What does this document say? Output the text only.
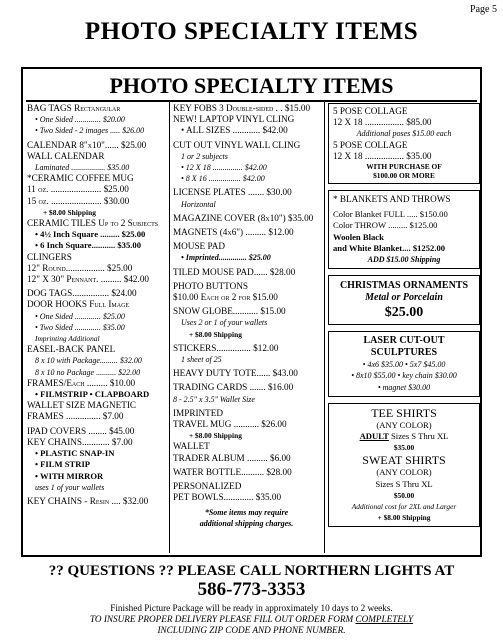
Page 5
PHOTO SPECIALTY ITEMS
PHOTO SPECIALTY ITEMS
BAG TAGS Rectangular
• One Sided ............. $20.00
• Two Sided - 2 images ..... $26.00
CALENDAR 8"x10"...... $25.00
WALL CALENDAR
Laminated ................. $35.00
*CERAMIC COFFEE MUG
11 oz. ...................... $25.00
15 oz. ...................... $30.00
+ $8.00 Shipping
CERAMIC TILES Up to 2 Subjects
• 4½ Inch Square ......... $25.00
• 6 Inch Square........... $35.00
CLINGERS
12" Round................. $25.00
12" X 30" Pennant. ......... $42.00
DOG TAGS................ $24.00
DOOR HOOKS Full Image
• One Sided ............. $25.00
• Two Sided ............. $35.00
Imprinting Additional
EASEL-BACK PANEL
8 x 10 with Package......... $32.00
8 x 10 no Package .......... $22.00
FRAMES/Each ......... $10.00
• FILMSTRIP • CLAPBOARD
WALLET SIZE MAGNETIC
FRAMES ............... $7.00
IPAD COVERS ........ $45.00
KEY CHAINS............ $7.00
• PLASTIC SNAP-IN
• FILM STRIP
• WITH MIRROR
uses 1 of your wallets
KEY CHAINS - Resin .... $32.00
KEY FOBS 3 Double-sided . . $15.00
NEW! LAPTOP VINYL CLING
• ALL SIZES ............ $42.00
CUT OUT VINYL WALL CLING
1 or 2 subjects
• 12 X 18 ............... $42.00
• 8 X 16 ................ $42.00
LICENSE PLATES ....... $30.00
Horizontal
MAGAZINE COVER (8x10") $35.00
MAGNETS (4x6") ......... $12.00
MOUSE PAD
• Imprinted.............. $25.00
TILED MOUSE PAD...... $28.00
PHOTO BUTTONS
$10.00 Each or 2 for $15.00
SNOW GLOBE........... $15.00
Uses 2 or 1 of your wallets
+ $8.00 Shipping
STICKERS............... $12.00
1 sheet of 25
HEAVY DUTY TOTE...... $43.00
TRADING CARDS ....... $16.00
8 - 2.5" x 3.5" Wallet Size
IMPRINTED
TRAVEL MUG ........... $26.00
+ $8.00 Shipping
WALLET
TRADER ALBUM ......... $6.00
WATER BOTTLE.......... $28.00
PERSONALIZED
PET BOWLS............. $35.00
*Some items may require
additional shipping charges.
5 POSE COLLAGE
12 X 18 ................. $85.00
Additional poses $15.00 each
5 POSE COLLAGE
12 X 18 ................. $35.00
WITH PURCHASE OF
$100.00 OR MORE
* BLANKETS AND THROWS
Color Blanket FULL ..... $150.00
Color THROW ......... $125.00
Woolen Black
and White Blanket.... $1252.00
ADD $15.00 Shipping
CHRISTMAS ORNAMENTS
Metal or Porcelain
$25.00
LASER CUT-OUT
SCULPTURES
• 4x6 $35.00 • 5x7 $45.00
• 8x10 $55.00 • key chain $30.00
• magnet $30.00
TEE SHIRTS
(ANY COLOR)
ADULT Sizes S Thru XL
$35.00
SWEAT SHIRTS
(ANY COLOR)
Sizes S Thru XL
$50.00
Additional cost for 2XL and Larger
+ $8.00 Shipping
?? QUESTIONS ?? PLEASE CALL NORTHERN LIGHTS AT
586-773-3353
Finished Picture Package will be ready in approximately 10 days to 2 weeks.
TO INSURE PROPER DELIVERY PLEASE FILL OUT ORDER FORM COMPLETELY
INCLUDING ZIP CODE AND PHONE NUMBER.
